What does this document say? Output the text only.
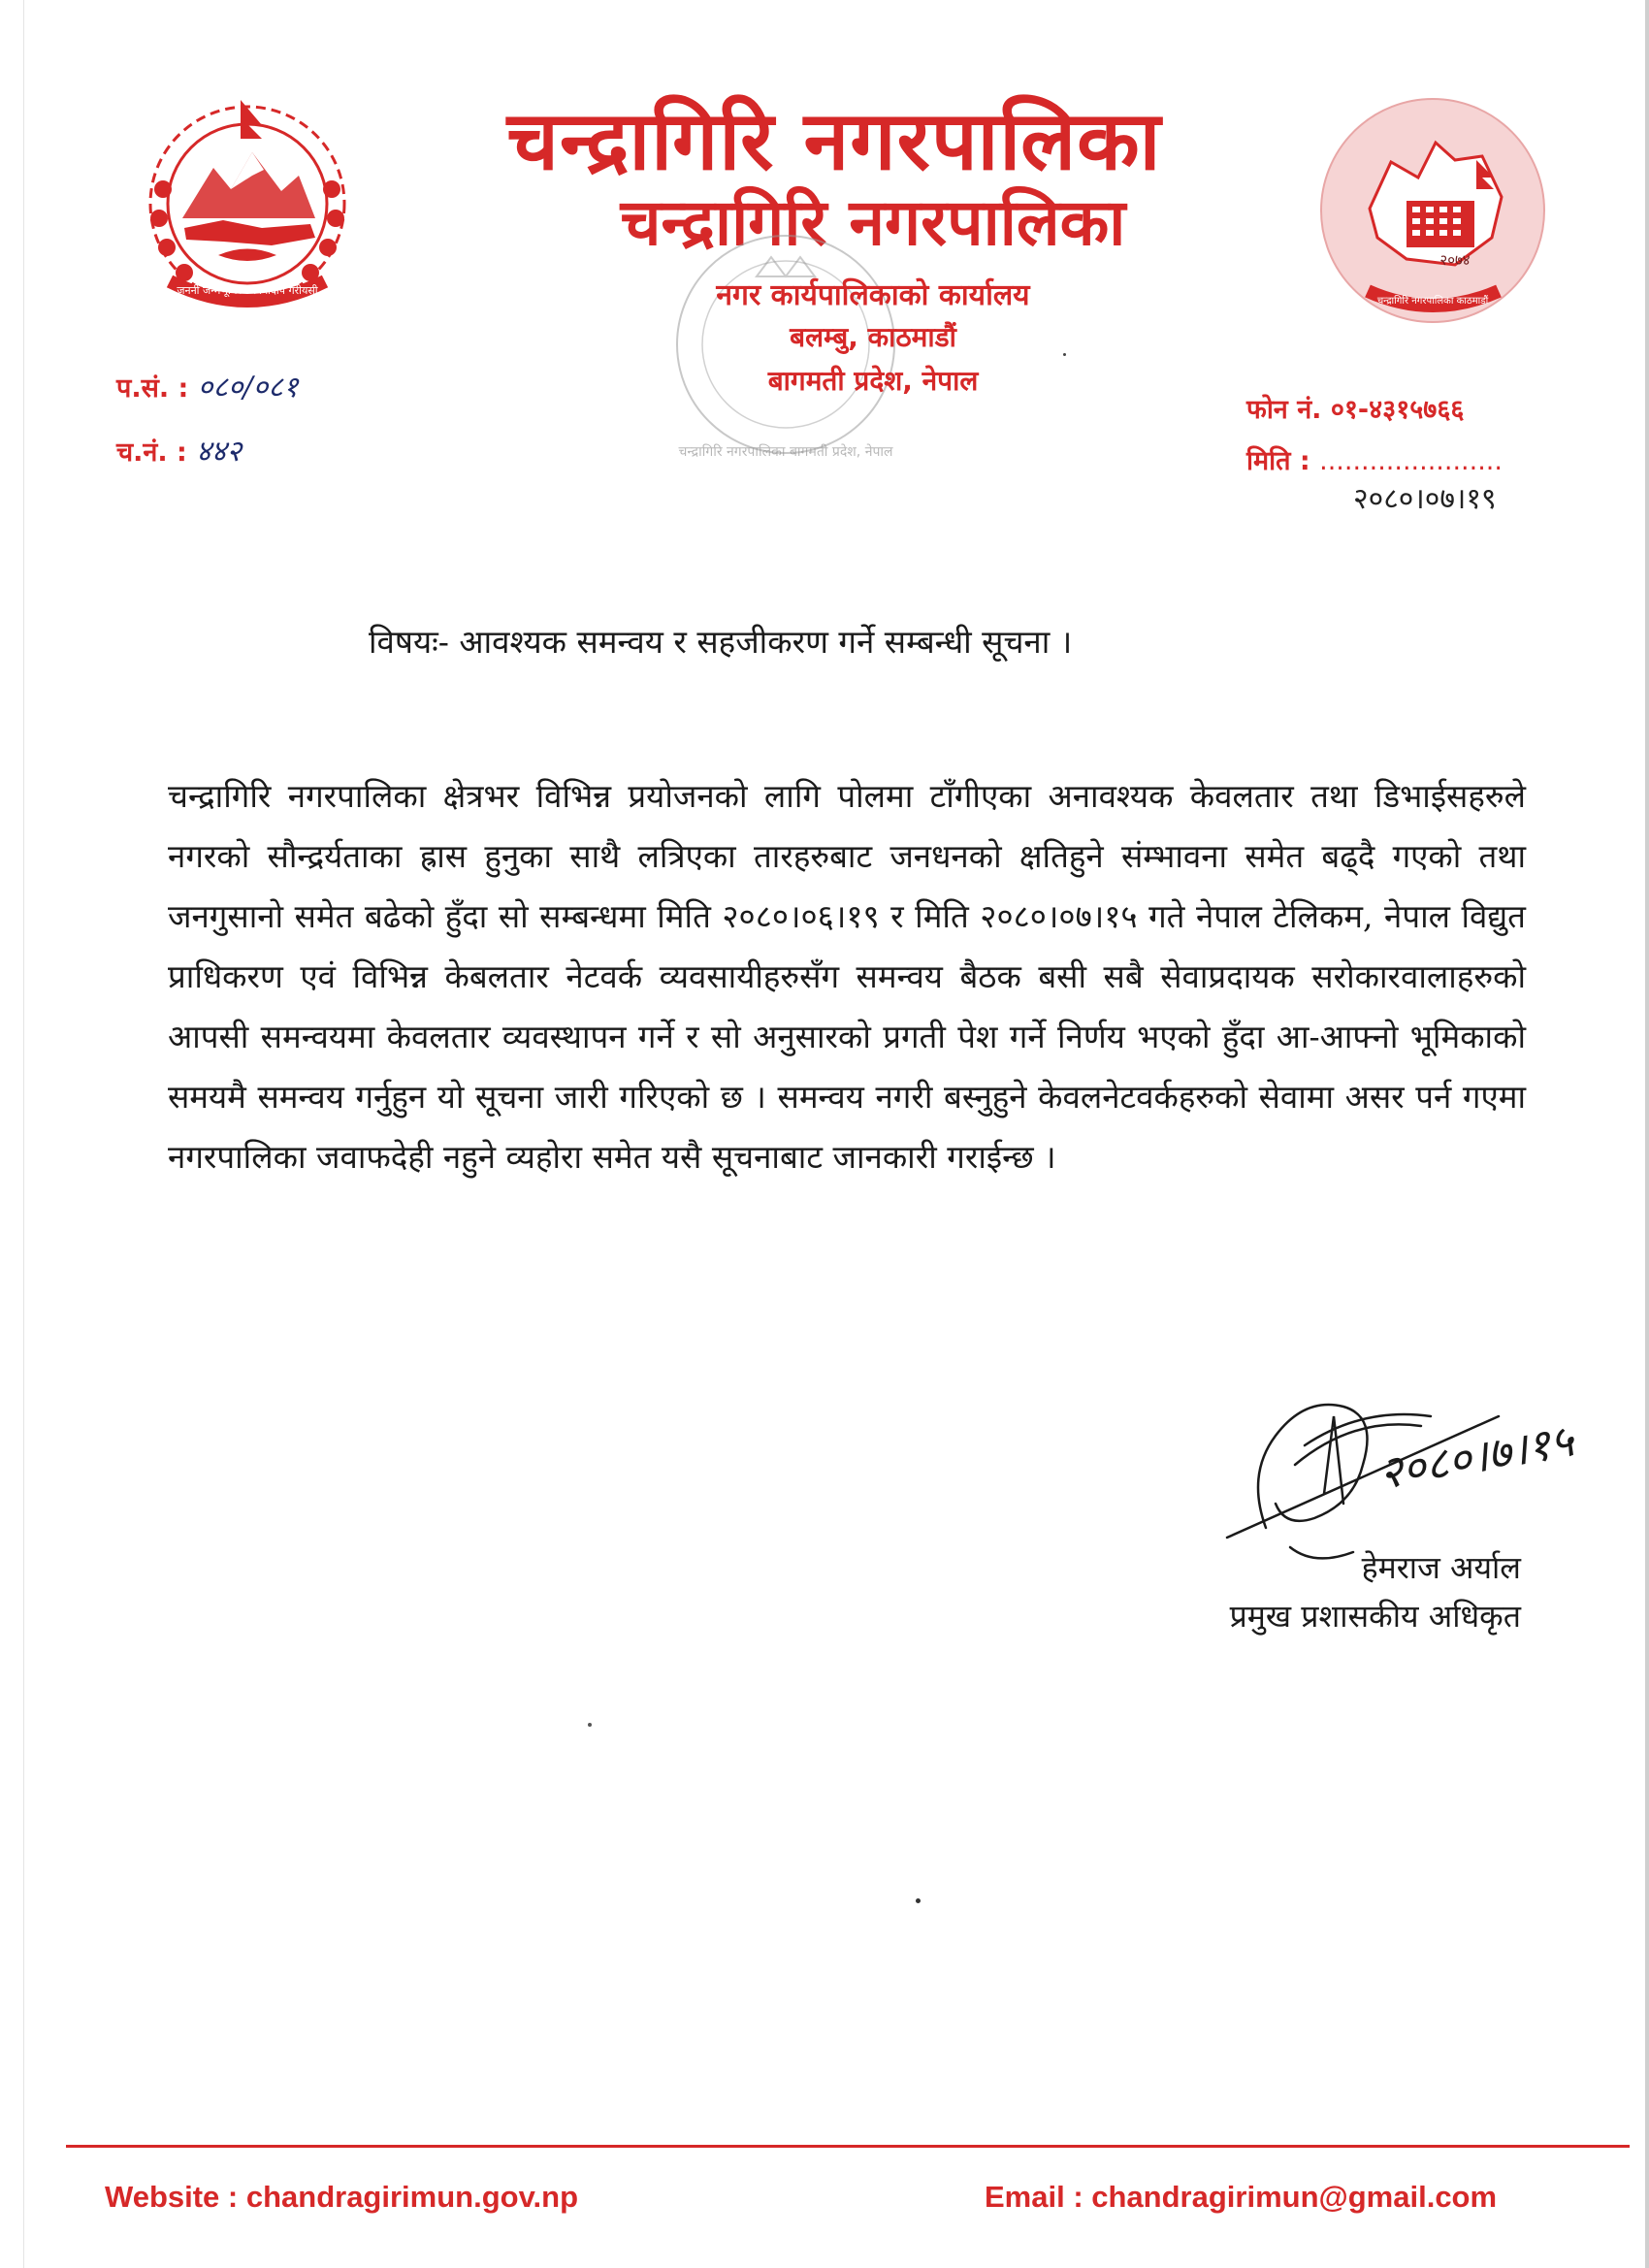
जननी जन्मभूमिश्च स्वर्गादपि गरीयसी
२०७४
चन्द्रागिरि नगरपालिका काठमाडौं
चन्द्रागिरि नगरपालिका
चन्द्रागिरि नगरपालिका
चन्द्रागिरि नगरपालिका बागमती प्रदेश, नेपाल
नगर कार्यपालिकाको कार्यालय
बलम्बु, काठमाडौं
बागमती प्रदेश, नेपाल
प.सं. : ०८०/०८१
च.नं. : ४४२
फोन नं. ०१-४३१५७६६
मिति : ......................
२०८०।०७।१९
विषयः- आवश्यक समन्वय र सहजीकरण गर्ने सम्बन्धी सूचना ।

चन्द्रागिरि नगरपालिका क्षेत्रभर विभिन्न प्रयोजनको लागि पोलमा टाँगीएका अनावश्यक केवलतार तथा डिभाईसहरुले नगरको सौन्द्रर्यताका ह्रास हुनुका साथै लत्रिएका तारहरुबाट जनधनको क्षतिहुने संम्भावना समेत बढ्दै गएको तथा जनगुसानो समेत बढेको हुँदा सो सम्बन्धमा मिति २०८०।०६।१९ र मिति २०८०।०७।१५ गते नेपाल टेलिकम, नेपाल विद्युत प्राधिकरण एवं विभिन्न केबलतार नेटवर्क व्यवसायीहरुसँग समन्वय बैठक बसी सबै सेवाप्रदायक सरोकारवालाहरुको आपसी समन्वयमा केवलतार व्यवस्थापन गर्ने र सो अनुसारको प्रगती पेश गर्ने निर्णय भएको हुँदा आ-आफ्नो भूमिकाको समयमै समन्वय गर्नुहुन यो सूचना जारी गरिएको छ । समन्वय नगरी बस्नुहुने केवलनेटवर्कहरुको सेवामा असर पर्न गएमा नगरपालिका जवाफदेही नहुने व्यहोरा समेत यसै सूचनाबाट जानकारी गराईन्छ ।

२०८०।७।१५
हेमराज अर्याल
प्रमुख प्रशासकीय अधिकृत
Website : chandragirimun.gov.np	Email : chandragirimun@gmail.com
